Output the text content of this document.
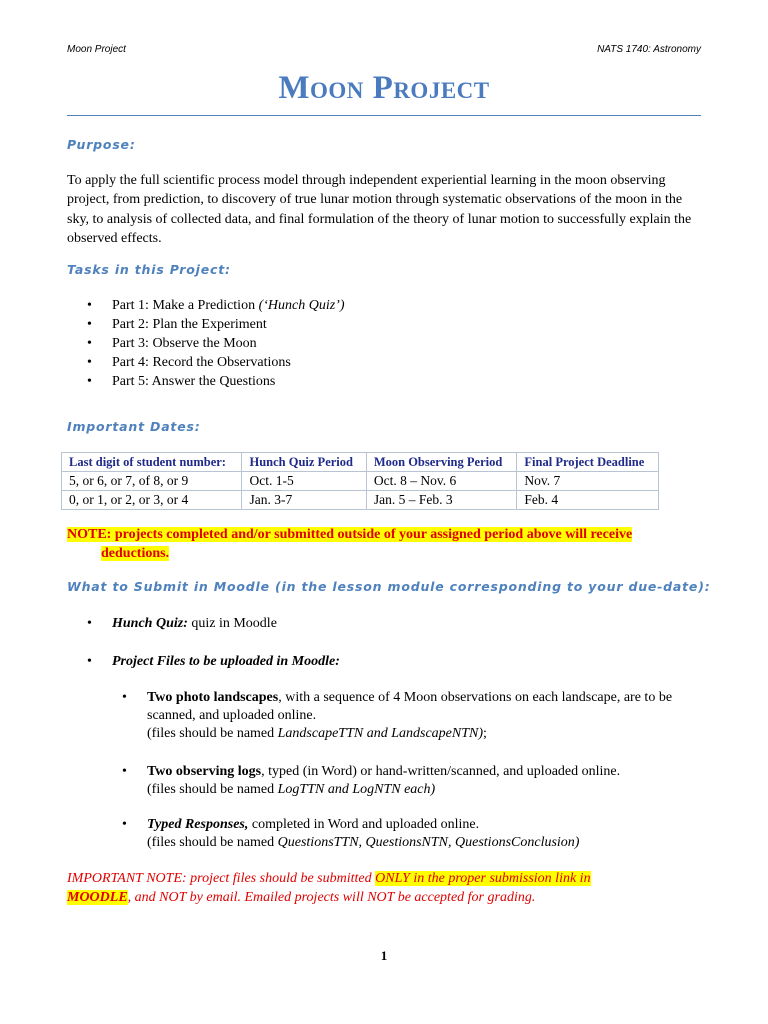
Moon Project	NATS 1740: Astronomy
Moon Project
Purpose:

To apply the full scientific process model through independent experiential learning in the moon observing project, from prediction, to discovery of true lunar motion through systematic observations of the moon in the sky, to analysis of collected data, and final formulation of the theory of lunar motion to successfully explain the observed effects.

Tasks in this Project:
• Part 1: Make a Prediction (‘Hunch Quiz’)
• Part 2: Plan the Experiment
• Part 3: Observe the Moon
• Part 4: Record the Observations
• Part 5: Answer the Questions
Important Dates:
Last digit of student number:	Hunch Quiz Period	Moon Observing Period	Final Project Deadline
5, or 6, or 7, of 8, or 9	Oct. 1-5	Oct. 8 – Nov. 6	Nov. 7
0, or 1, or 2, or 3, or 4	Jan. 3-7	Jan. 5 – Feb. 3	Feb. 4

NOTE: projects completed and/or submitted outside of your assigned period above will receive
deductions.

What to Submit in Moodle (in the lesson module corresponding to your due-date):
• Hunch Quiz: quiz in Moodle
• Project Files to be uploaded in Moodle:
• Two photo landscapes, with a sequence of 4 Moon observations on each landscape, are to be scanned, and uploaded online.
(files should be named LandscapeTTN and LandscapeNTN);
• Two observing logs, typed (in Word) or hand-written/scanned, and uploaded online.
(files should be named LogTTN and LogNTN each)
• Typed Responses, completed in Word and uploaded online.
(files should be named QuestionsTTN, QuestionsNTN, QuestionsConclusion)

IMPORTANT NOTE: project files should be submitted ONLY in the proper submission link in
MOODLE, and NOT by email. Emailed projects will NOT be accepted for grading.

1
